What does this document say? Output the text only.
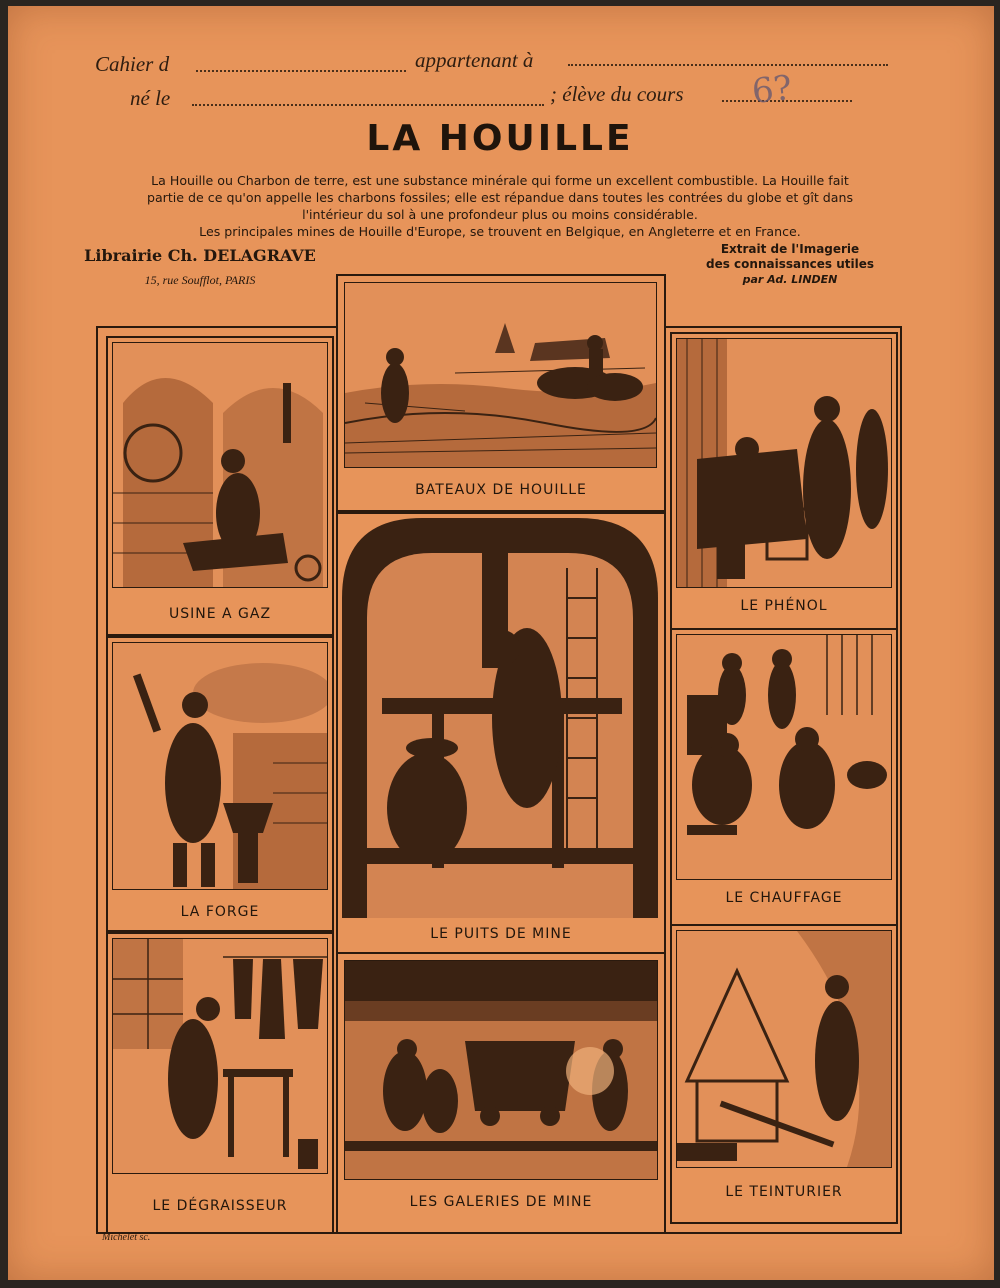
Cahier d	appartenant à
né le	; élève du cours 6?
LA HOUILLE

La Houille ou Charbon de terre, est une substance minérale qui forme un excellent combustible. La Houille fait

partie de ce qu'on appelle les charbons fossiles; elle est répandue dans toutes les contrées du globe et gît dans

l'intérieur du sol à une profondeur plus ou moins considérable.

Les principales mines de Houille d'Europe, se trouvent en Belgique, en Angleterre et en France.

Librairie Ch. DELAGRAVE
15, rue Soufflot, PARIS
Extrait de l'Imagerie
des connaissances utiles
par Ad. LINDEN
BATEAUX DE HOUILLE
USINE A GAZ
LA FORGE
LE DÉGRAISSEUR
LE PUITS DE MINE
LES GALERIES DE MINE
LE PHÉNOL
LE CHAUFFAGE
LE TEINTURIER
Michelet sc.
